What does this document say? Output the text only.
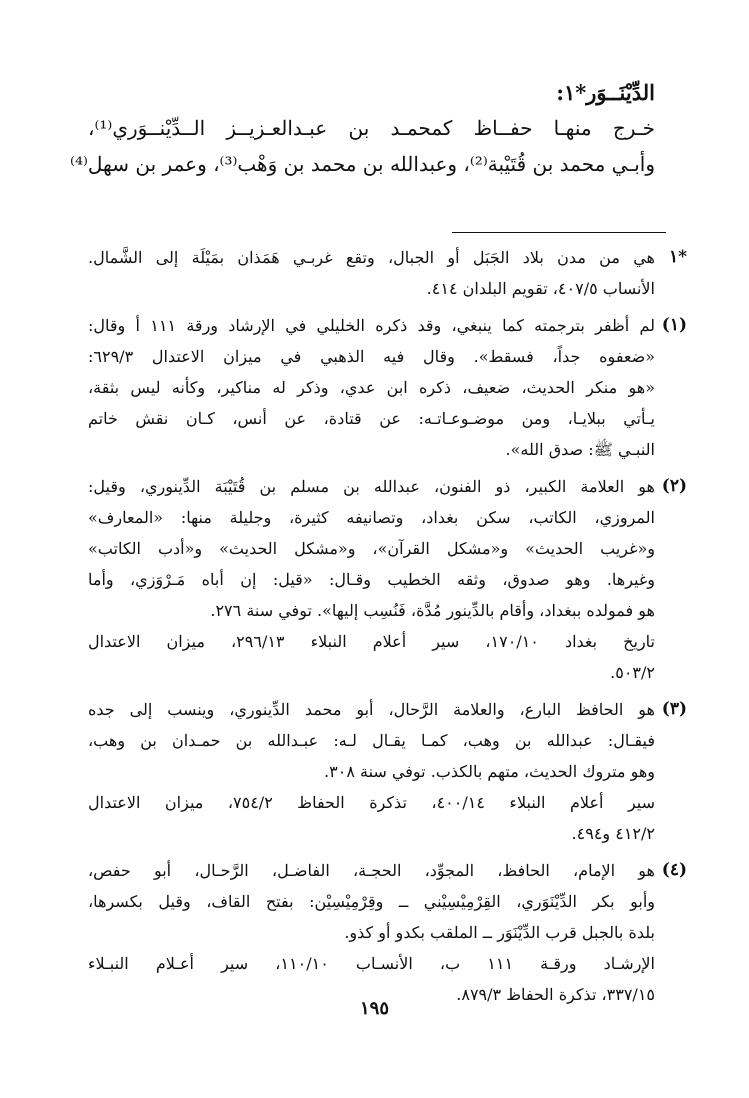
الدِّيْنَــوَر*١:
خـرج منهـا حفــاظ كمحمـد بن عبـدالعـزيــز الــدِّيْنــوَري⁽¹⁾،
وأبـي محمد بن قُتَيْبة⁽²⁾، وعبدالله بن محمد بن وَهْب⁽³⁾، وعمر بن سهل⁽⁴⁾
*١
هي من مدن بلاد الجَبَل أو الجبال، وتقع غربـي هَمَذان بمَيْلَة إلى الشَّمال.
الأنساب ٤٠٧/٥، تقويم البلدان ٤١٤.
(١)
لم أظفر بترجمته كما ينبغي، وقد ذكره الخليلي في الإرشاد ورقة ١١١ أ وقال:
«ضعفوه جداً، فسقط». وقال فيه الذهبي في ميزان الاعتدال ٦٢٩/٣:
«هو منكر الحديث، ضعيف، ذكره ابن عدي، وذكر له مناكير، وكأنه ليس بثقة،
يـأتي ببلايـا، ومن موضـوعـاتـه: عن قتادة، عن أنس، كـان نقش خاتم
النبـي ﷺ: صدق الله».
(٢)
هو العلامة الكبير، ذو الفنون، عبدالله بن مسلم بن قُتَيْبَة الدِّينوري، وقيل:
المروزي، الكاتب، سكن بغداد، وتصانيفه كثيرة، وجليلة منها: «المعارف»
و«غريب الحديث» و«مشكل القرآن»، و«مشكل الحديث» و«أدب الكاتب»
وغيرها. وهو صدوق، وثقه الخطيب وقـال: «قيل: إن أباه مَـرْوَزي، وأما
هو فمولده ببغداد، وأقام بالدِّينور مُدَّة، فَنُسِب إليها». توفي سنة ٢٧٦.
تاريخ بغداد ١٧٠/١٠، سير أعلام النبلاء ٢٩٦/١٣، ميزان الاعتدال
٥٠٣/٢.
(٣)
هو الحافظ البارع، والعلامة الرَّحال، أبو محمد الدِّينوري، وينسب إلى جده
فيقـال: عبدالله بن وهب، كمـا يقـال لـه: عبـدالله بن حمـدان بن وهب،
وهو متروك الحديث، متهم بالكذب. توفي سنة ٣٠٨.
سير أعلام النبلاء ٤٠٠/١٤، تذكرة الحفاظ ٧٥٤/٢، ميزان الاعتدال
٤١٢/٢ و٤٩٤.
(٤)
هو الإمام، الحافظ، المجوِّد، الحجـة، الفاضـل، الرَّحـال، أبو حفص،
وأبو بكر الدِّيْنَوَري، القِرْمِيْسِيْني ــ وقِرْمِيْسِيْن: بفتح القاف، وقيل بكسرها،
بلدة بالجبل قرب الدِّيْنَوَر ــ الملقب بكدو أو كذو.
الإرشـاد ورقـة ١١١ ب، الأنسـاب ١١٠/١٠، سير أعـلام النبـلاء
٣٣٧/١٥، تذكرة الحفاظ ٨٧٩/٣.
١٩٥
